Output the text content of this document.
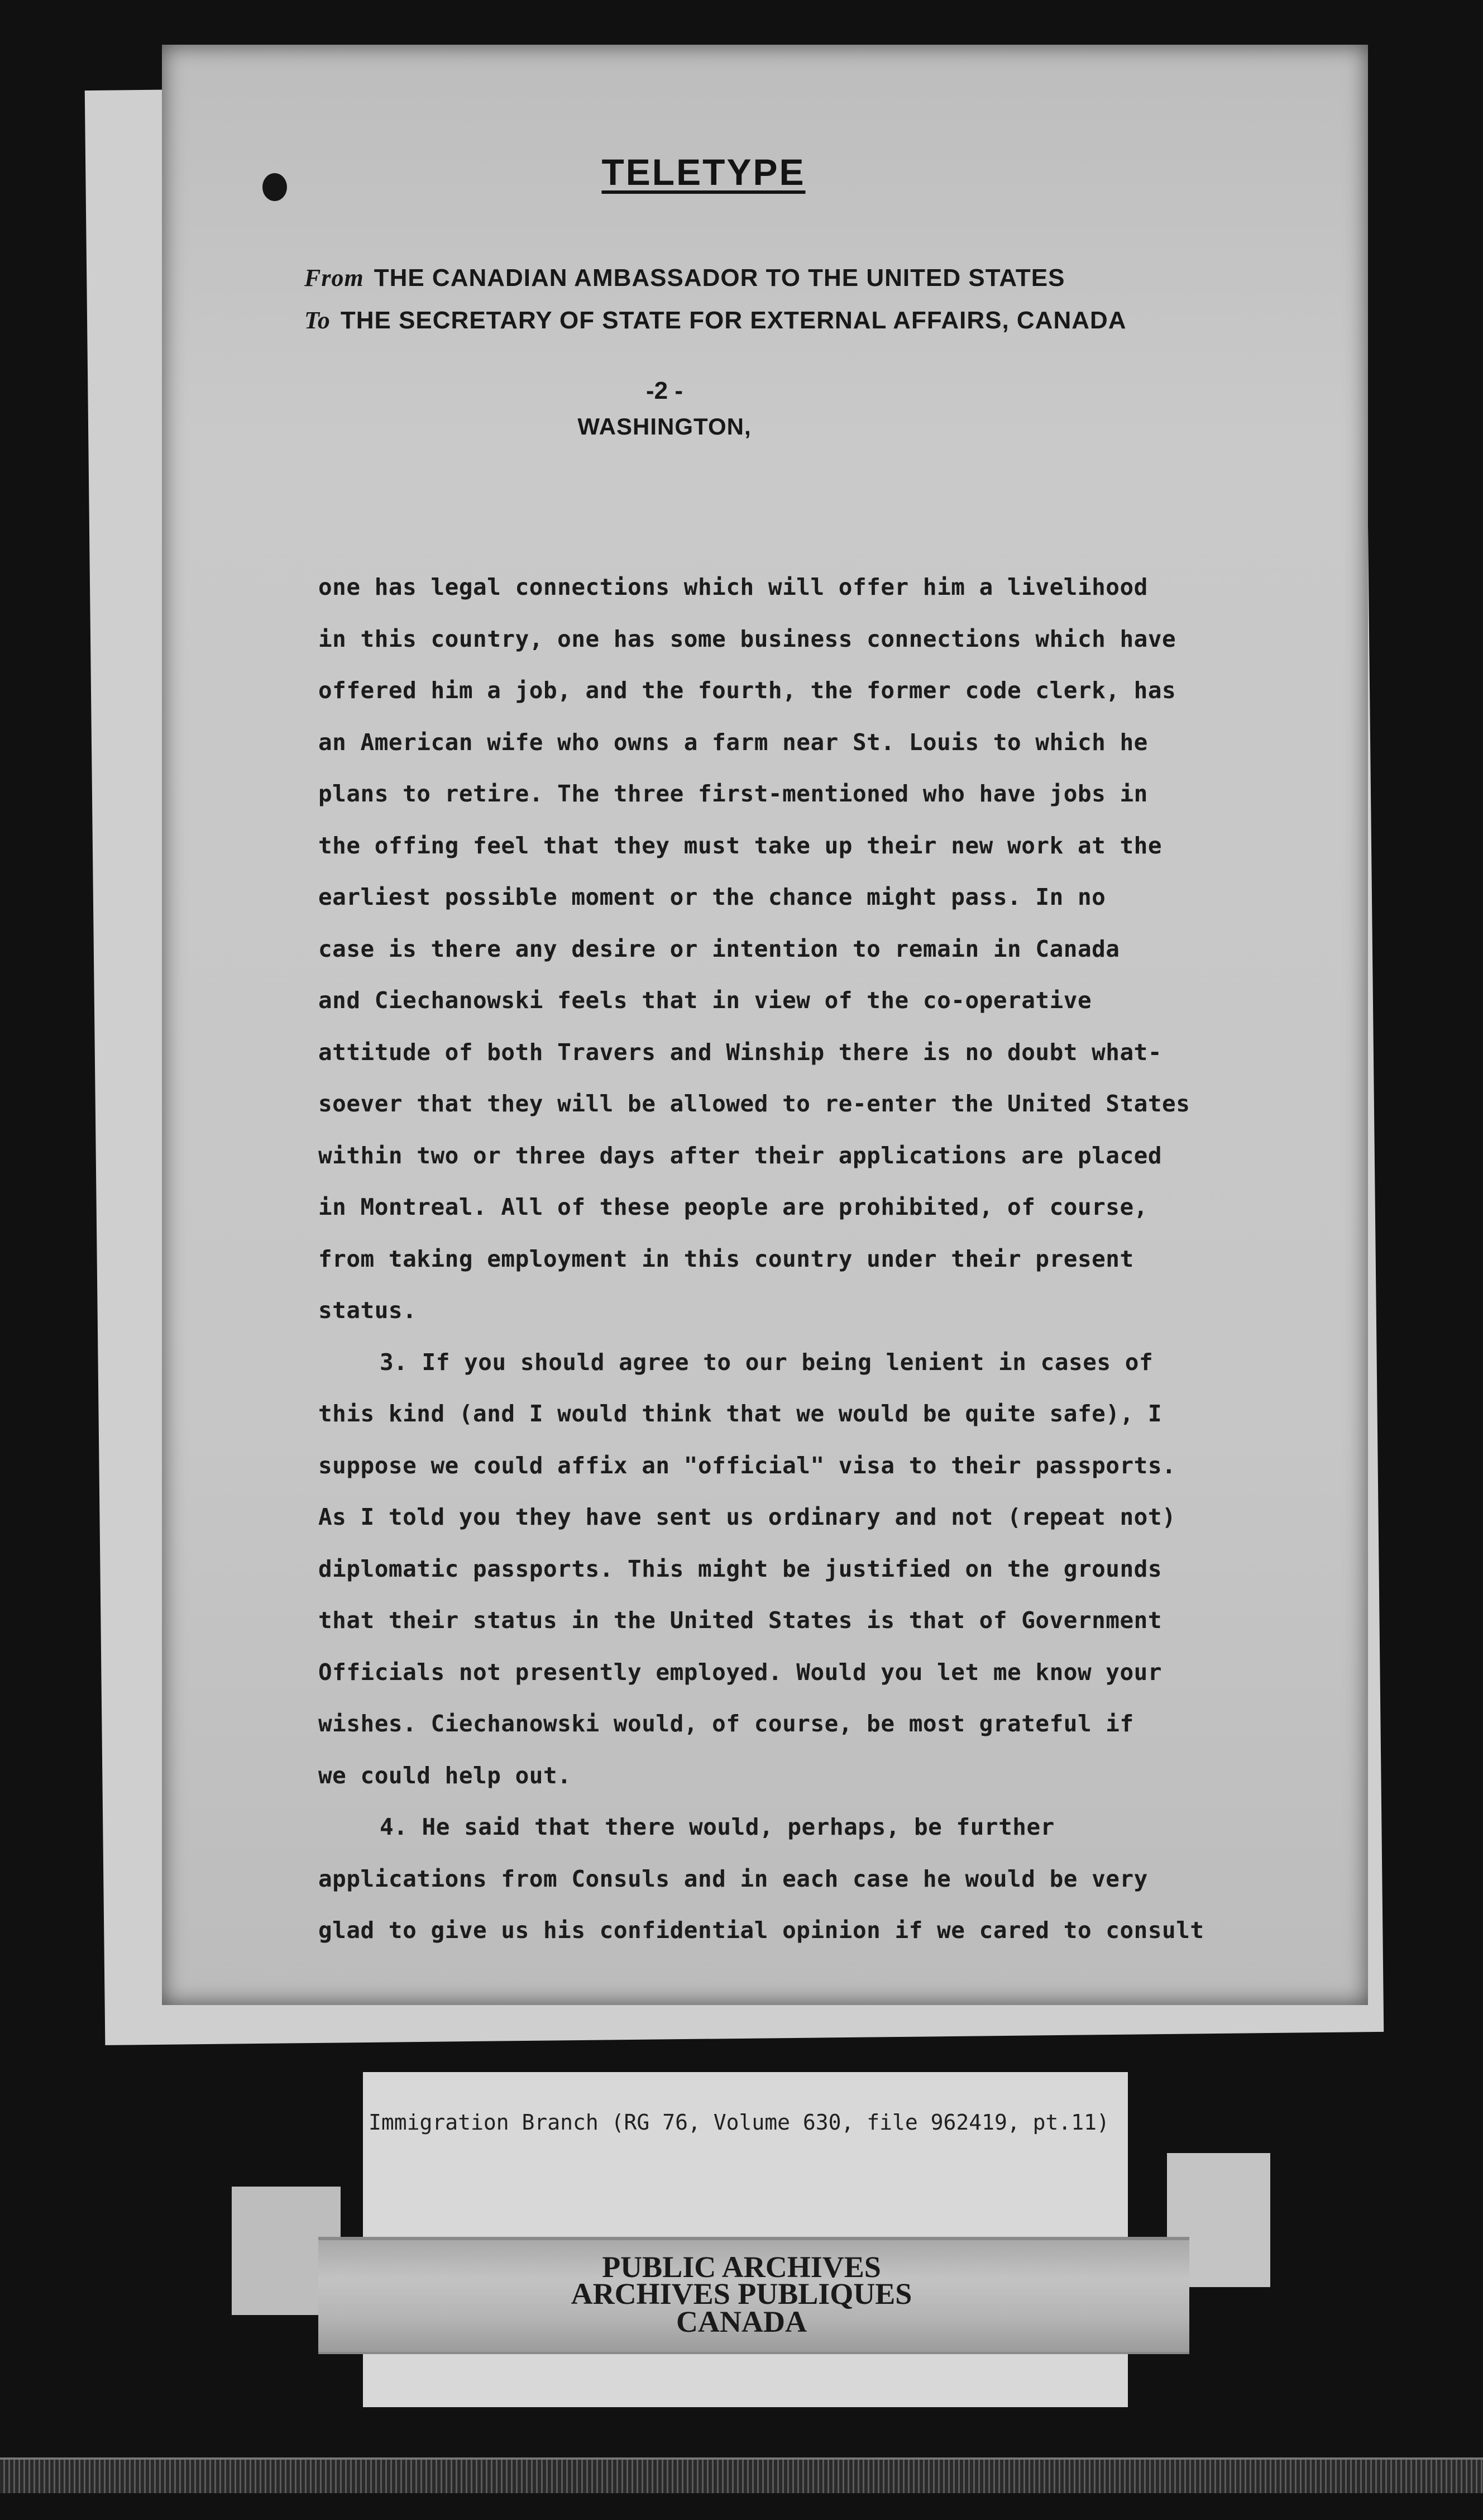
TELETYPE
From THE CANADIAN AMBASSADOR TO THE UNITED STATES
To THE SECRETARY OF STATE FOR EXTERNAL AFFAIRS, CANADA
-2 -
WASHINGTON,
one has legal connections which will offer him a livelihood
in this country, one has some business connections which have
offered him a job, and the fourth, the former code clerk, has
an American wife who owns a farm near St. Louis to which he
plans to retire. The three first-mentioned who have jobs in
the offing feel that they must take up their new work at the
earliest possible moment or the chance might pass. In no
case is there any desire or intention to remain in Canada
and Ciechanowski feels that in view of the co-operative
attitude of both Travers and Winship there is no doubt what-
soever that they will be allowed to re-enter the United States
within two or three days after their applications are placed
in Montreal. All of these people are prohibited, of course,
from taking employment in this country under their present
status.
3. If you should agree to our being lenient in cases of
this kind (and I would think that we would be quite safe), I
suppose we could affix an "official" visa to their passports.
As I told you they have sent us ordinary and not (repeat not)
diplomatic passports. This might be justified on the grounds
that their status in the United States is that of Government
Officials not presently employed. Would you let me know your
wishes. Ciechanowski would, of course, be most grateful if
we could help out.
4. He said that there would, perhaps, be further
applications from Consuls and in each case he would be very
glad to give us his confidential opinion if we cared to consult
Immigration Branch (RG 76, Volume 630, file 962419, pt.11)
PUBLIC ARCHIVES
ARCHIVES PUBLIQUES
CANADA
